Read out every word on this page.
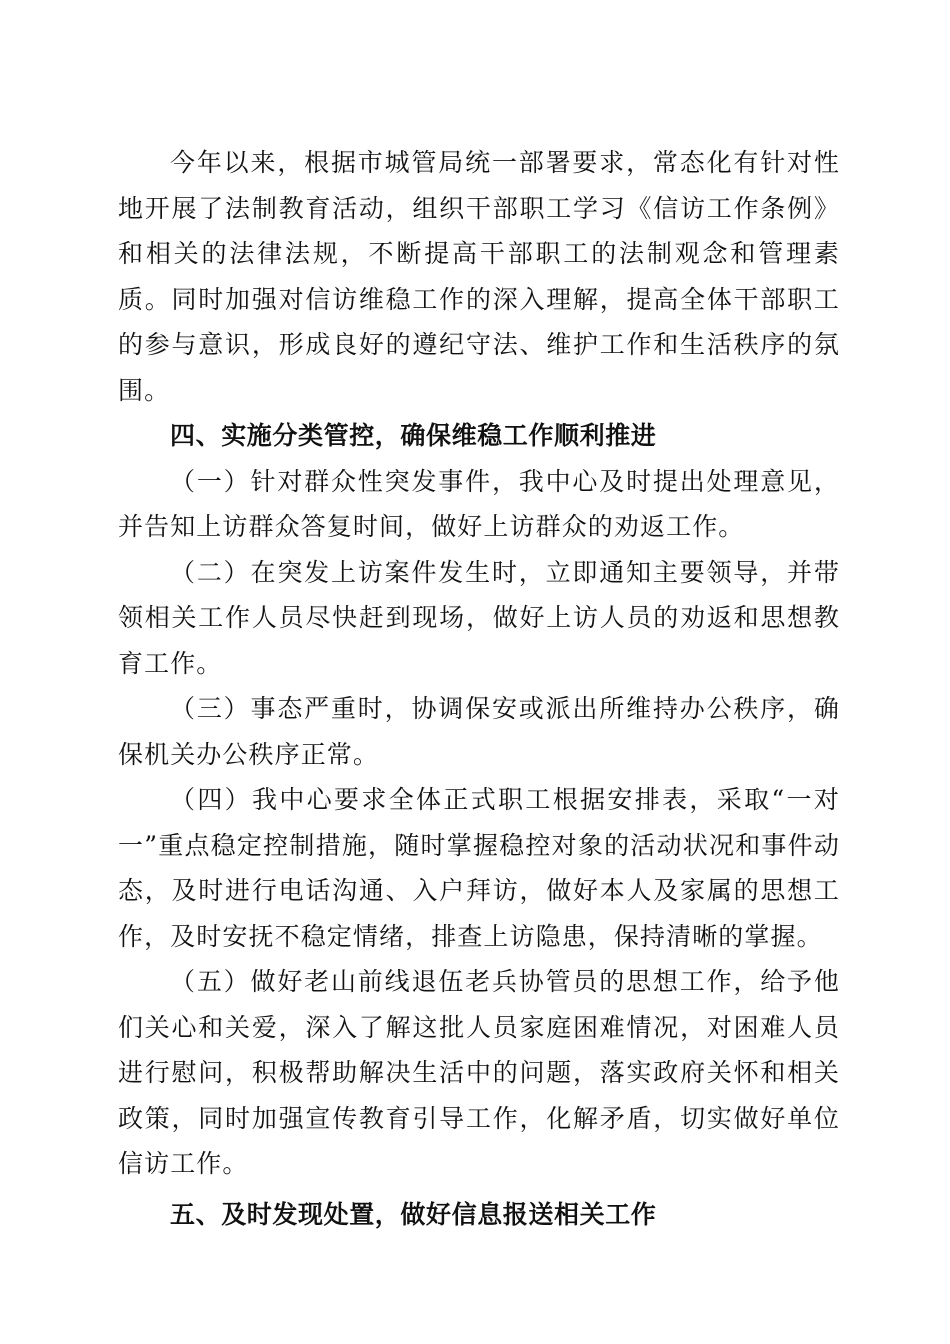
今年以来，根据市城管局统一部署要求，常态化有针对性地开展了法制教育活动，组织干部职工学习《信访工作条例》和相关的法律法规，不断提高干部职工的法制观念和管理素质。同时加强对信访维稳工作的深入理解，提高全体干部职工的参与意识，形成良好的遵纪守法、维护工作和生活秩序的氛围。

四、实施分类管控，确保维稳工作顺利推进

（一）针对群众性突发事件，我中心及时提出处理意见，并告知上访群众答复时间，做好上访群众的劝返工作。

（二）在突发上访案件发生时，立即通知主要领导，并带领相关工作人员尽快赶到现场，做好上访人员的劝返和思想教育工作。

（三）事态严重时，协调保安或派出所维持办公秩序，确保机关办公秩序正常。

（四）我中心要求全体正式职工根据安排表，采取“一对一”重点稳定控制措施，随时掌握稳控对象的活动状况和事件动态，及时进行电话沟通、入户拜访，做好本人及家属的思想工作，及时安抚不稳定情绪，排查上访隐患，保持清晰的掌握。

（五）做好老山前线退伍老兵协管员的思想工作，给予他们关心和关爱，深入了解这批人员家庭困难情况，对困难人员进行慰问，积极帮助解决生活中的问题，落实政府关怀和相关政策，同时加强宣传教育引导工作，化解矛盾，切实做好单位信访工作。

五、及时发现处置，做好信息报送相关工作
